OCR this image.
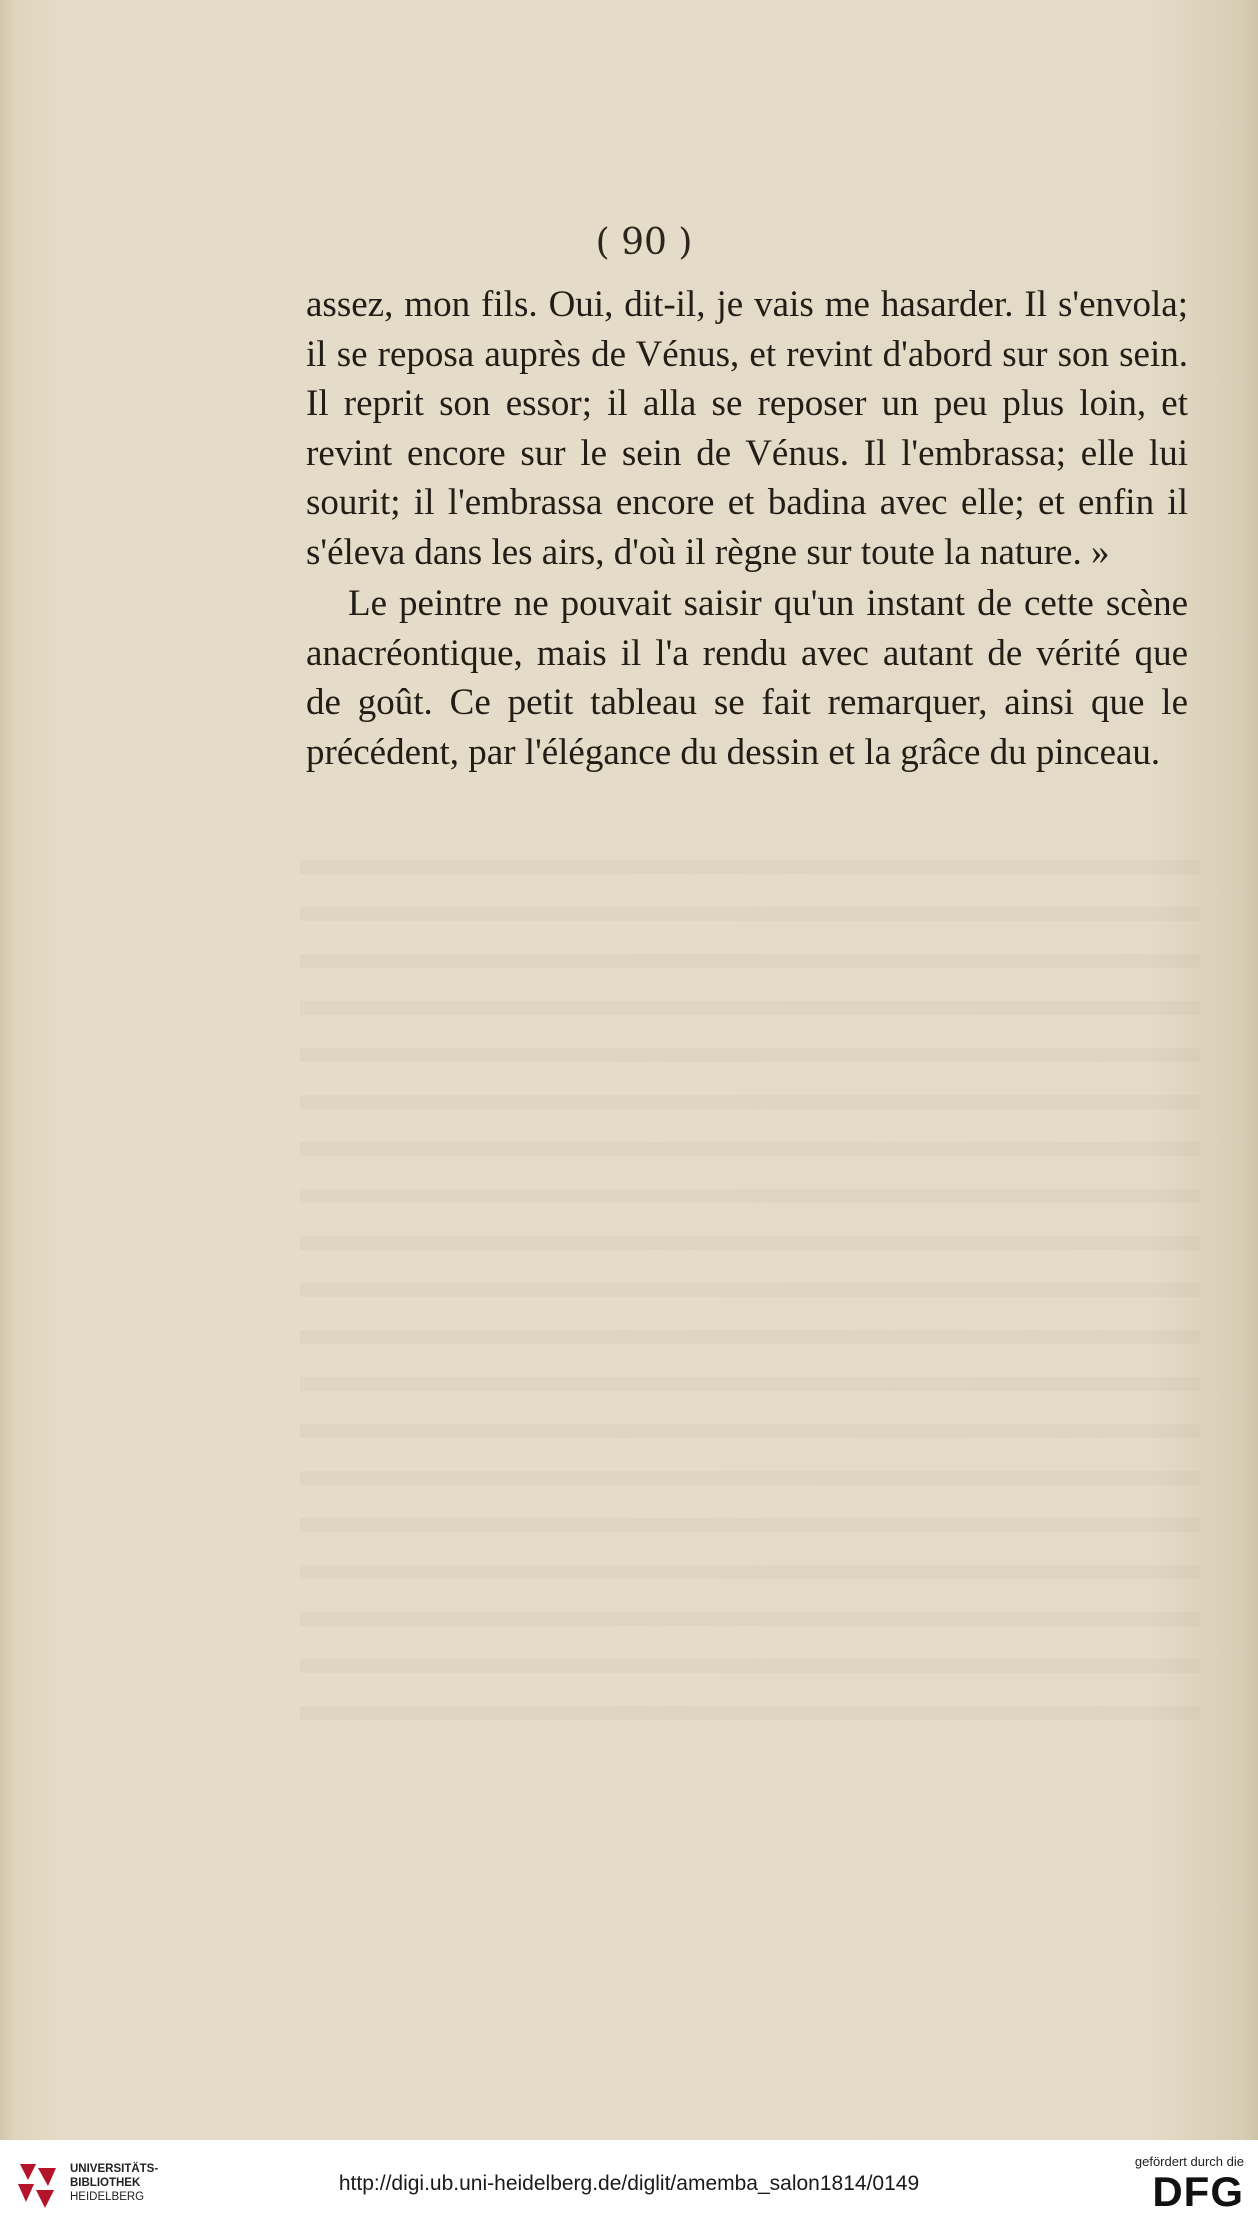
( 90 )

assez, mon fils. Oui, dit-il, je vais me hasarder. Il s'envola; il se reposa auprès de Vénus, et revint d'abord sur son sein. Il reprit son essor; il alla se reposer un peu plus loin, et revint encore sur le sein de Vénus. Il l'embrassa; elle lui sourit; il l'embrassa encore et badina avec elle; et enfin il s'éleva dans les airs, d'où il règne sur toute la nature. »

Le peintre ne pouvait saisir qu'un instant de cette scène anacréontique, mais il l'a rendu avec autant de vérité que de goût. Ce petit tableau se fait remarquer, ainsi que le précédent, par l'élégance du dessin et la grâce du pinceau.

UNIVERSITÄTS-
BIBLIOTHEK
HEIDELBERG
http://digi.ub.uni-heidelberg.de/diglit/amemba_salon1814/0149
gefördert durch die
DFG
